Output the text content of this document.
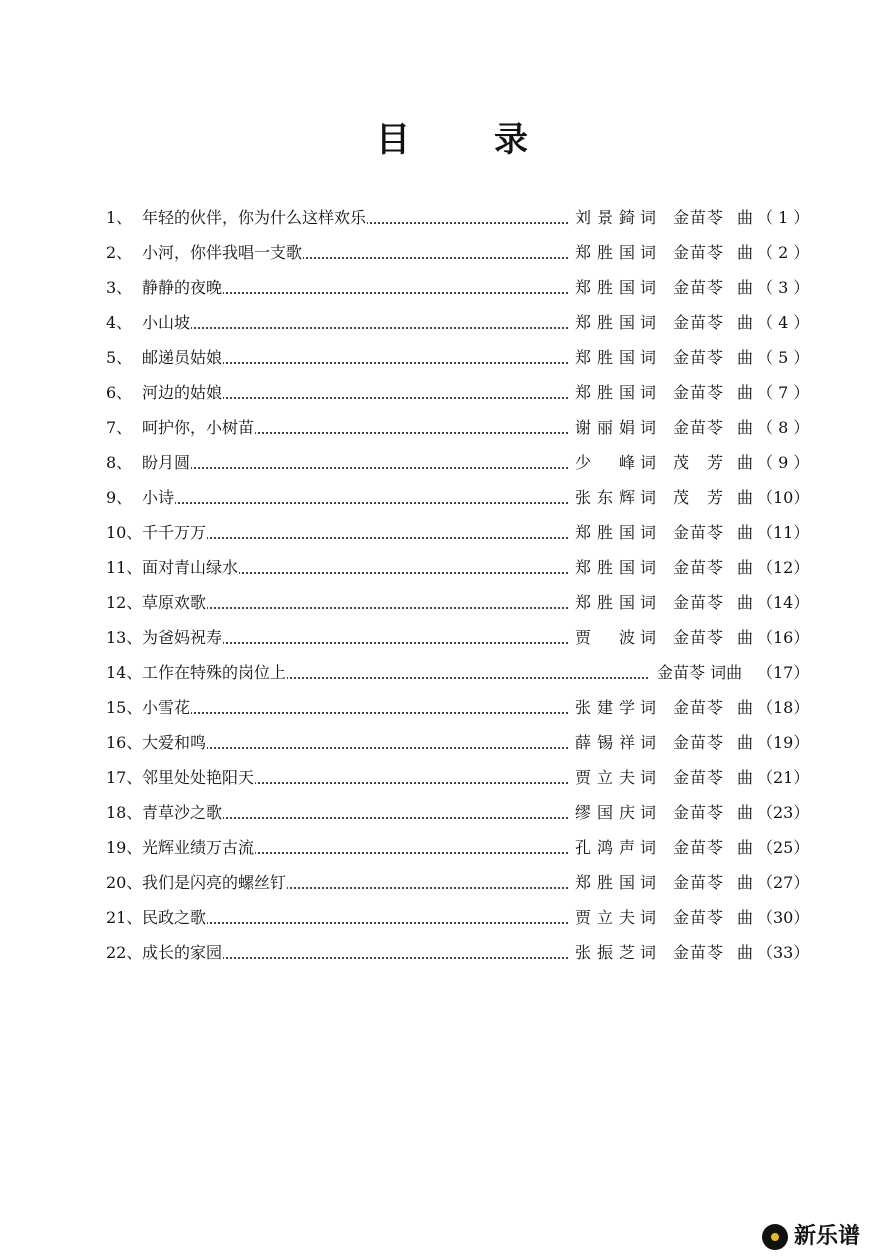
目 录
1、 年轻的伙伴，你为什么这样欢乐	刘景錡 词 金苗苓 曲 （ 1 ）
2、 小河，你伴我唱一支歌	郑胜国 词 金苗苓 曲 （ 2 ）
3、 静静的夜晚	郑胜国 词 金苗苓 曲 （ 3 ）
4、 小山坡	郑胜国 词 金苗苓 曲 （ 4 ）
5、 邮递员姑娘	郑胜国 词 金苗苓 曲 （ 5 ）
6、 河边的姑娘	郑胜国 词 金苗苓 曲 （ 7 ）
7、 呵护你，小树苗	谢丽娟 词 金苗苓 曲 （ 8 ）
8、 盼月圆	少 峰 词 茂 芳 曲 （ 9 ）
9、 小诗	张东辉 词 茂 芳 曲 （10）
10、 千千万万	郑胜国 词 金苗苓 曲 （11）
11、 面对青山绿水	郑胜国 词 金苗苓 曲 （12）
12、 草原欢歌	郑胜国 词 金苗苓 曲 （14）
13、 为爸妈祝寿	贾 波 词 金苗苓 曲 （16）
14、 工作在特殊的岗位上	金苗苓 词曲 （17）
15、 小雪花	张建学 词 金苗苓 曲 （18）
16、 大爱和鸣	薛锡祥 词 金苗苓 曲 （19）
17、 邻里处处艳阳天	贾立夫 词 金苗苓 曲 （21）
18、 青草沙之歌	缪国庆 词 金苗苓 曲 （23）
19、 光辉业绩万古流	孔鸿声 词 金苗苓 曲 （25）
20、 我们是闪亮的螺丝钉	郑胜国 词 金苗苓 曲 （27）
21、 民政之歌	贾立夫 词 金苗苓 曲 （30）
22、 成长的家园	张振芝 词 金苗苓 曲 （33）
新乐谱
